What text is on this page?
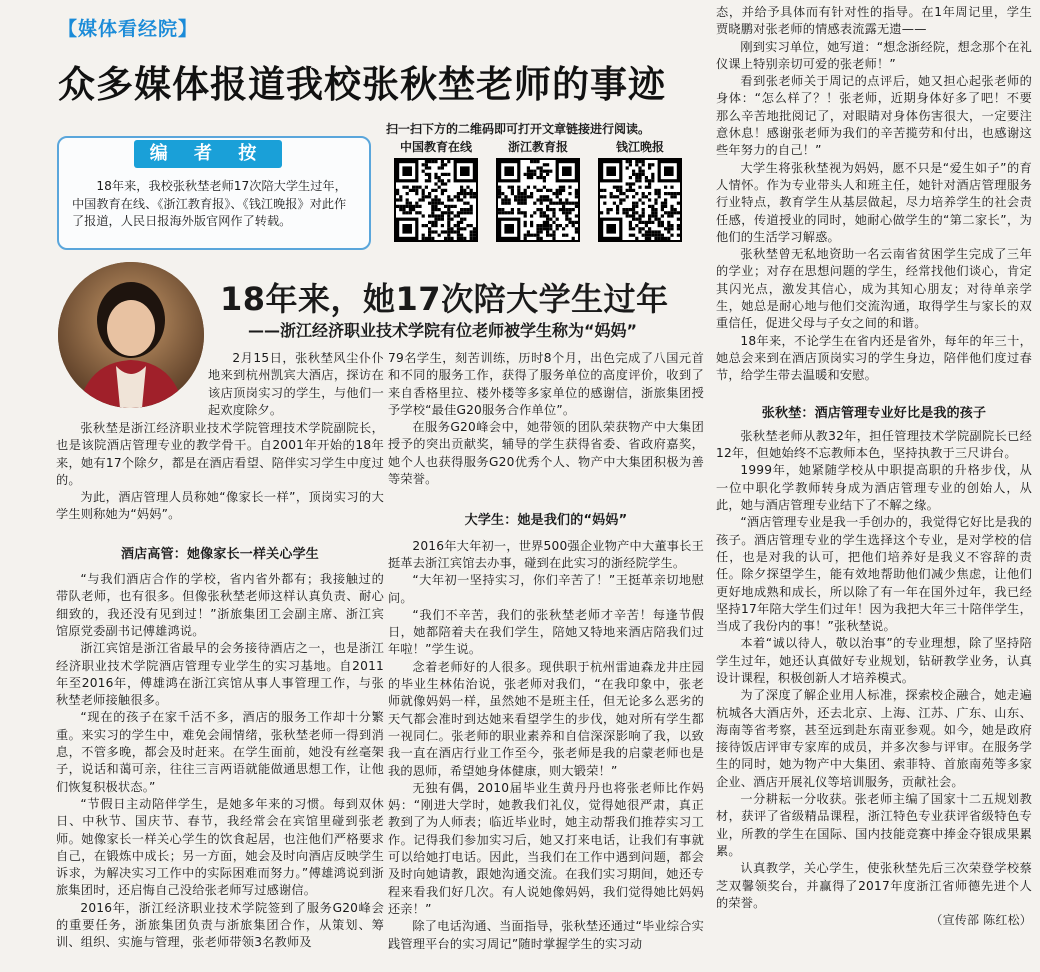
【媒体看经院】
众多媒体报道我校张秋埜老师的事迹
编 者 按

18年来，我校张秋埜老师17次陪大学生过年，中国教育在线、《浙江教育报》、《钱江晚报》对此作了报道，人民日报海外版官网作了转载。

扫一扫下方的二维码即可打开文章链接进行阅读。
中国教育在线	浙江教育报	钱江晚报
18年来，她17次陪大学生过年
——浙江经济职业技术学院有位老师被学生称为“妈妈”

2月15日，张秋埜风尘仆仆地来到杭州凯宾大酒店，探访在该店顶岗实习的学生，与他们一起欢度除夕。

张秋埜是浙江经济职业技术学院管理技术学院副院长，也是该院酒店管理专业的教学骨干。自2001年开始的18年来，她有17个除夕，都是在酒店看望、陪伴实习学生中度过的。

为此，酒店管理人员称她“像家长一样”，顶岗实习的大学生则称她为“妈妈”。

酒店高管：她像家长一样关心学生

“与我们酒店合作的学校，省内省外都有；我接触过的带队老师，也有很多。但像张秋埜老师这样认真负责、耐心细致的，我还没有见到过！”浙旅集团工会副主席、浙江宾馆原党委副书记傅雄鸿说。

浙江宾馆是浙江省最早的会务接待酒店之一，也是浙江经济职业技术学院酒店管理专业学生的实习基地。自2011年至2016年，傅雄鸿在浙江宾馆从事人事管理工作，与张秋埜老师接触很多。

“现在的孩子在家千活不多，酒店的服务工作却十分繁重。来实习的学生中，难免会闹情绪，张秋埜老师一得到消息，不管多晚，都会及时赶来。在学生面前，她没有丝毫架子，说话和蔼可亲，往往三言两语就能做通思想工作，让他们恢复积极状态。”

“节假日主动陪伴学生，是她多年来的习惯。每到双休日、中秋节、国庆节、春节，我经常会在宾馆里碰到张老师。她像家长一样关心学生的饮食起居，也注他们严格要求自己，在锻炼中成长；另一方面，她会及时向酒店反映学生诉求，为解决实习工作中的实际困难而努力。”傅雄鸿说到浙旅集团时，还启悔自己没给张老师写过感谢信。

2016年，浙江经济职业技术学院签到了服务G20峰会的重要任务，浙旅集团负责与浙旅集团合作，从策划、筹训、组织、实施与管理，张老师带领3名教师及

79名学生，刻苦训练，历时8个月，出色完成了八国元首和不同的服务工作，获得了服务单位的高度评价，收到了来自香格里拉、楼外楼等多家单位的感谢信，浙旅集团授予学校“最佳G20服务合作单位”。

在服务G20峰会中，她带领的团队荣获物产中大集团授予的突出贡献奖，辅导的学生获得省委、省政府嘉奖，她个人也获得服务G20优秀个人、物产中大集团积极为善等荣誉。

大学生：她是我们的“妈妈”

2016年大年初一，世界500强企业物产中大董事长王挺革去浙江宾馆去办事，碰到在此实习的浙经院学生。

“大年初一坚持实习，你们辛苦了！”王挺革亲切地慰问。

“我们不辛苦，我们的张秋埜老师才辛苦！每逢节假日，她都陪着夫在我们学生，陪她又特地来酒店陪我们过年啦！”学生说。

念着老师好的人很多。现供职于杭州雷迪森龙井庄园的毕业生林佑治说，张老师对我们，“在我印象中，张老师就像妈妈一样，虽然她不是班主任，但无论多么恶劣的天气都会准时到达她来看望学生的步伐，她对所有学生都一视同仁。张老师的职业素养和自信深深影响了我，以致我一直在酒店行业工作至今，张老师是我的启蒙老师也是我的恩师，希望她身体健康，则大锻荣！”

无独有偶，2010届毕业生黄丹丹也将张老师比作妈妈：“刚进大学时，她教我们礼仪，觉得她很严肃，真正教到了为人师表；临近毕业时，她主动帮我们推荐实习工作。记得我们参加实习后，她又打来电话，让我们有事就可以给她打电话。因此，当我们在工作中遇到问题，都会及时向她请教，跟她沟通交流。在我们实习期间，她还专程来看我们好几次。有人说她像妈妈，我们觉得她比妈妈还亲！”

除了电话沟通、当面指导，张秋埜还通过“毕业综合实践管理平台的实习周记”随时掌握学生的实习动

态，并给予具体而有针对性的指导。在1年周记里，学生贾晓鹏对张老师的情感表流露无遗——

刚到实习单位，她写道：“想念浙经院，想念那个在礼仪课上特别亲切可爱的张老师！”

看到张老师关于周记的点评后，她又担心起张老师的身体：“怎么样了？！张老师，近期身体好多了吧！不要那么辛苦地批阅记了，对眼睛对身体伤害很大，一定要注意休息！感谢张老师为我们的辛苦揽劳和付出，也感谢这些年努力的自己！”

大学生将张秋埜视为妈妈，愿不只是“爱生如子”的育人情怀。作为专业带头人和班主任，她针对酒店管理服务行业特点，教育学生从基层做起，尽力培养学生的社会责任感，传道授业的同时，她耐心做学生的“第二家长”，为他们的生活学习解惑。

张秋埜曾无私地资助一名云南省贫困学生完成了三年的学业；对存在思想问题的学生，经常找他们谈心，肯定其闪光点，激发其信心，成为其知心朋友；对待单亲学生，她总是耐心地与他们交流沟通，取得学生与家长的双重信任，促进父母与子女之间的和谐。

18年来，不论学生在省内还是省外，每年的年三十，她总会来到在酒店顶岗实习的学生身边，陪伴他们度过春节，给学生带去温暖和安慰。

张秋埜：酒店管理专业好比是我的孩子

张秋埜老师从教32年，担任管理技术学院副院长已经12年，但她始终不忘教师本色，坚持执教于三尺讲台。

1999年，她紧随学校从中职提高职的升格步伐，从一位中职化学教师转身成为酒店管理专业的创始人，从此，她与酒店管理专业结下了不解之缘。

“酒店管理专业是我一手创办的，我觉得它好比是我的孩子。酒店管理专业的学生选择这个专业，是对学校的信任，也是对我的认可，把他们培养好是我义不容辞的责任。除夕探望学生，能有效地帮助他们减少焦虑，让他们更好地成熟和成长，所以除了有一年在国外过年，我已经坚持17年陪大学生们过年！因为我把大年三十陪伴学生，当成了我份内的事！”张秋埜说。

本着“诚以待人，敬以治事”的专业理想，除了坚持陪学生过年，她还认真做好专业规划，钻研教学业务，认真设计课程，积极创新人才培养模式。

为了深度了解企业用人标准，探索校企融合，她走遍杭城各大酒店外，还去北京、上海、江苏、广东、山东、海南等省考察，甚至远到赴东南亚参观。如今，她是政府接待饭店评审专家库的成员，并多次参与评审。在服务学生的同时，她为物产中大集团、索菲特、首旅南苑等多家企业、酒店开展礼仪等培训服务，贡献社会。

一分耕耘一分收获。张老师主编了国家十二五规划教材，获评了省级精品课程，浙江特色专业获评省级特色专业，所教的学生在国际、国内技能竞赛中捧金夺银成果累累。

认真教学，关心学生，使张秋埜先后三次荣登学校蔡芝双馨领奖台，并赢得了2017年度浙江省师德先进个人的荣誉。

（宣传部 陈红松）
